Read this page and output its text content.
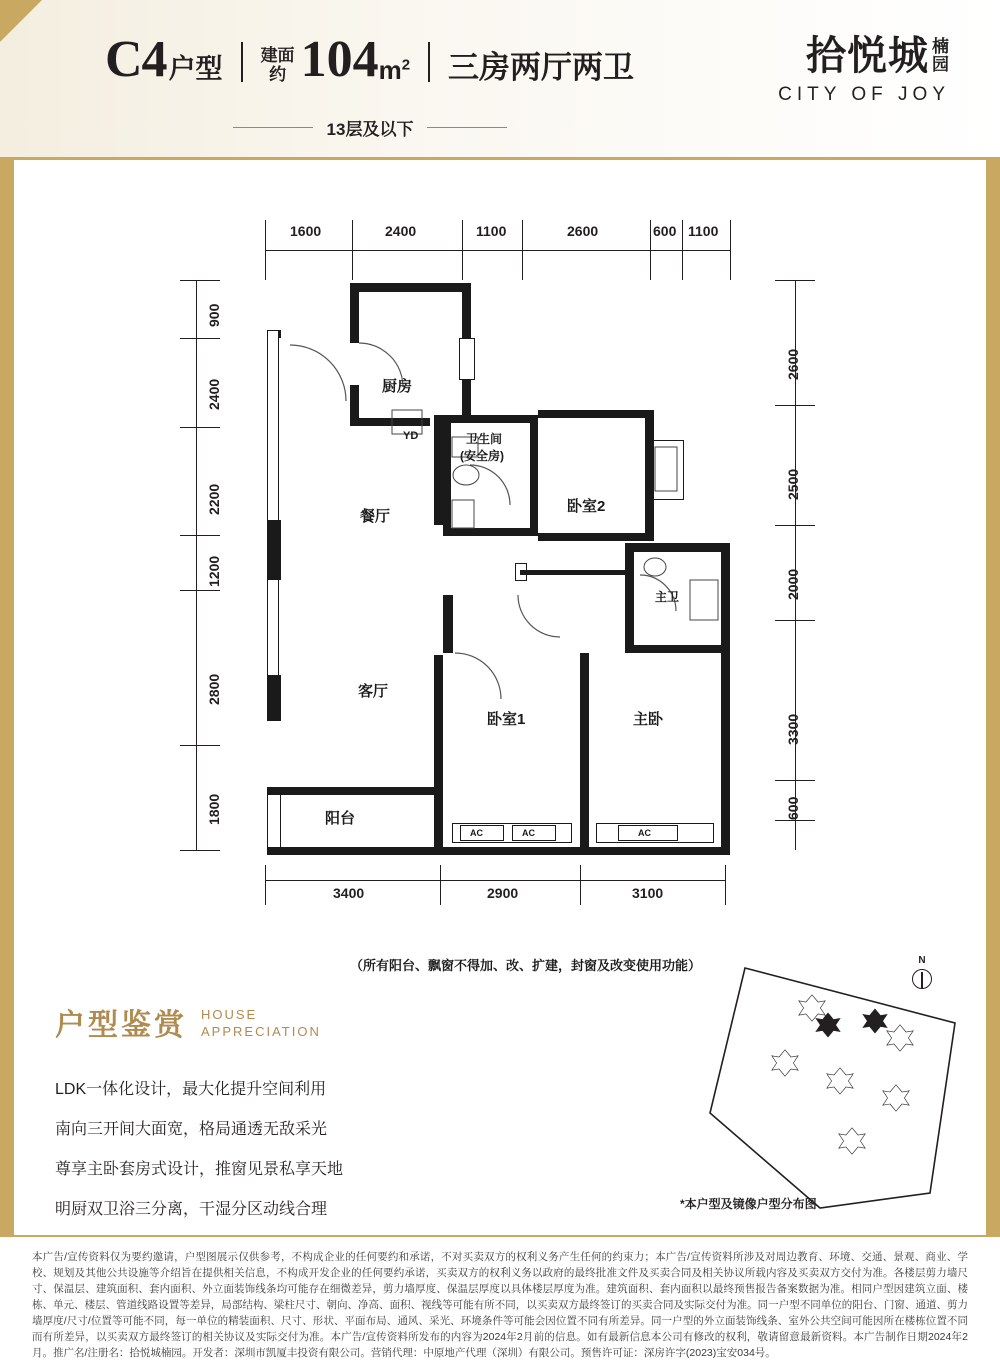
C4 户型 建面
约 104 $m^2$ 三房两厅两卫
13层及以下
拾悦城 楠
园
CITY OF JOY
1600	2400	1100	2600	600 1100
900
2400
2200
1200
2800
1800
2600
2500
2000
3300
600
3400	2900	3100
厨房
餐厅
客厅
阳台
卧室1
卧室2
主卧
卫生间
(安全房)
主卫
YD
AC	AC	AC
（所有阳台、飘窗不得加、改、扩建，封窗及改变使用功能）
户型鉴赏 HOUSE
APPRECIATION
LDK一体化设计，最大化提升空间利用
南向三开间大面宽，格局通透无敌采光
尊享主卧套房式设计，推窗见景私享天地
明厨双卫浴三分离，干湿分区动线合理
N
*本户型及镜像户型分布图

本广告/宣传资料仅为要约邀请，户型图展示仅供参考，不构成企业的任何要约和承诺，不对买卖双方的权利义务产生任何的约束力；本广告/宣传资料所涉及对周边教育、环境、交通、景观、商业、学校、规划及其他公共设施等介绍旨在提供相关信息，不构成开发企业的任何要约承诺，买卖双方的权利义务以政府的最终批准文件及买卖合同及相关协议所载内容及买卖双方交付为准。各楼层剪力墙尺寸、保温层、建筑面积、套内面积、外立面装饰线条均可能存在细微差异，剪力墙厚度、保温层厚度以具体楼层厚度为准。建筑面积、套内面积以最终预售报告备案数据为准。相同户型因建筑立面、楼栋、单元、楼层、管道线路设置等差异，局部结构、梁柱尺寸、朝向、净高、面积、视线等可能有所不同，以买卖双方最终签订的买卖合同及实际交付为准。同一户型不同单位的阳台、门窗、通道、剪力墙厚度/尺寸/位置等可能不同，每一单位的精装面积、尺寸、形状、平面布局、通风、采光、环境条件等可能会因位置不同有所差异。同一户型的外立面装饰线条、室外公共空间可能因所在楼栋位置不同而有所差异，以买卖双方最终签订的相关协议及实际交付为准。本广告/宣传资料所发布的内容为2024年2月前的信息。如有最新信息本公司有修改的权利，敬请留意最新资料。本广告制作日期2024年2月。推广名/注册名：拾悦城楠园。开发者：深圳市凯厦丰投资有限公司。营销代理：中原地产代理（深圳）有限公司。预售许可证：深房许字(2023)宝安034号。
